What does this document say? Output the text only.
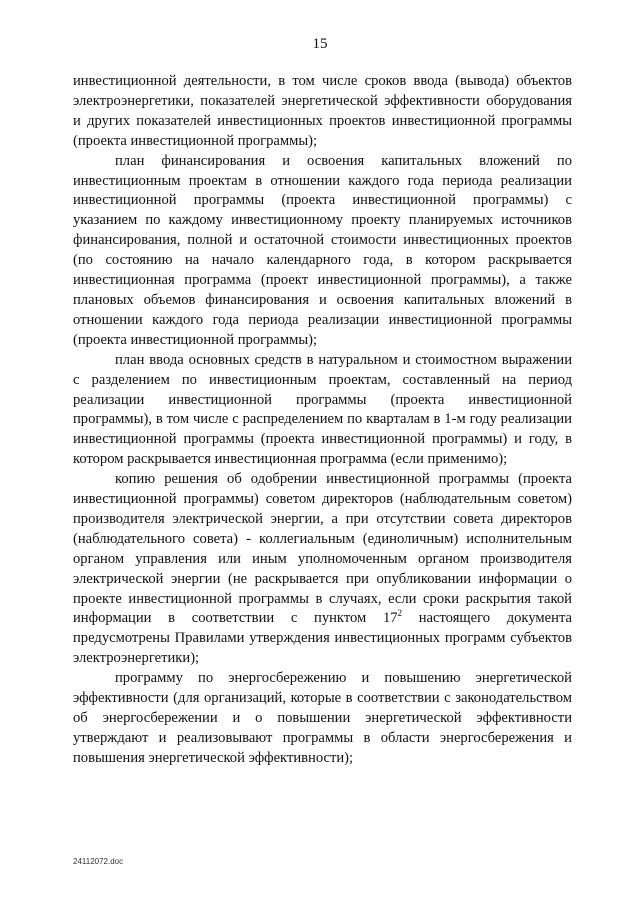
15

инвестиционной деятельности, в том числе сроков ввода (вывода) объектов электроэнергетики, показателей энергетической эффективности оборудования и других показателей инвестиционных проектов инвестиционной программы (проекта инвестиционной программы);

план финансирования и освоения капитальных вложений по инвестиционным проектам в отношении каждого года периода реализации инвестиционной программы (проекта инвестиционной программы) с указанием по каждому инвестиционному проекту планируемых источников финансирования, полной и остаточной стоимости инвестиционных проектов (по состоянию на начало календарного года, в котором раскрывается инвестиционная программа (проект инвестиционной программы), а также плановых объемов финансирования и освоения капитальных вложений в отношении каждого года периода реализации инвестиционной программы (проекта инвестиционной программы);

план ввода основных средств в натуральном и стоимостном выражении с разделением по инвестиционным проектам, составленный на период реализации инвестиционной программы (проекта инвестиционной программы), в том числе с распределением по кварталам в 1-м году реализации инвестиционной программы (проекта инвестиционной программы) и году, в котором раскрывается инвестиционная программа (если применимо);

копию решения об одобрении инвестиционной программы (проекта инвестиционной программы) советом директоров (наблюдательным советом) производителя электрической энергии, а при отсутствии совета директоров (наблюдательного совета) - коллегиальным (единоличным) исполнительным органом управления или иным уполномоченным органом производителя электрической энергии (не раскрывается при опубликовании информации о проекте инвестиционной программы в случаях, если сроки раскрытия такой информации в соответствии с пунктом $17^2$ настоящего документа предусмотрены Правилами утверждения инвестиционных программ субъектов электроэнергетики);

программу по энергосбережению и повышению энергетической эффективности (для организаций, которые в соответствии с законодательством об энергосбережении и о повышении энергетической эффективности утверждают и реализовывают программы в области энергосбережения и повышения энергетической эффективности);

24112072.doc
